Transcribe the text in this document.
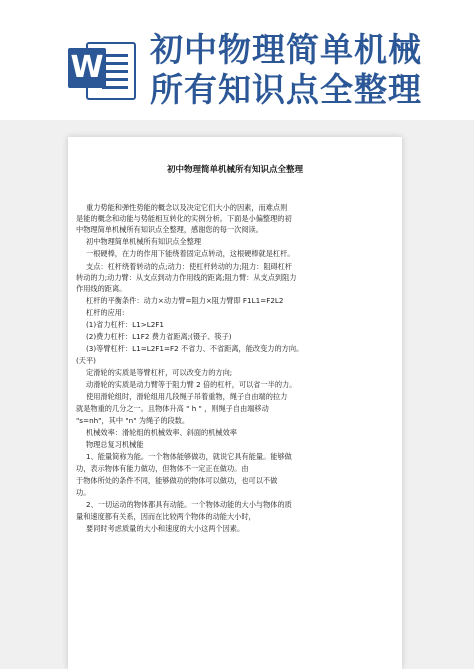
W 初中物理简单机械
所有知识点全整理
初中物理简单机械所有知识点全整理
重力势能和弹性势能的概念以及决定它们大小的因素，而难点则
是能的概念和动能与势能相互转化的实例分析。下面是小偏整理的初
中物理简单机械所有知识点全整理，感谢您的每一次阅读。
初中物理简单机械所有知识点全整理
一根硬棒，在力的作用下能绕着固定点转动，这根硬棒就是杠杆。
支点：杠杆绕着转动的点;动力：使杠杆转动的力;阻力：阻碍杠杆
转动的力;动力臂：从支点到动力作用线的距离;阻力臂：从支点到阻力
作用线的距离。
杠杆的平衡条件：动力×动力臂=阻力×阻力臂即 F1L1=F2L2
杠杆的应用:
(1)省力杠杆：L1>L2F1
(2)费力杠杆：L1F2 费力省距离;(镊子、筷子)
(3)等臂杠杆：L1=L2F1=F2 不省力、不省距离，能改变力的方向。
(天平)
定滑轮的实质是等臂杠杆，可以改变力的方向;
动滑轮的实质是动力臂等于阻力臂 2 倍的杠杆，可以省一半的力。
使用滑轮组时，滑轮组用几段绳子吊着重物，绳子自由端的拉力
就是物重的几分之一。且物体升高 " h " ，则绳子自由端移动
"s=nh"，其中 "n" 为绳子的段数。
机械效率：滑轮组的机械效率、斜面的机械效率
物理总复习机械能
1、能量简称为能。一个物体能够做功，就说它具有能量。能够做
功，表示物体有能力做功，但物体不一定正在做功。由
于物体所处的条件不同，能够做功的物体可以做功，也可以不做
功。
2、一切运动的物体都具有动能。一个物体动能的大小与物体的质
量和速度都有关系，因而在比较两个物体的动能大小时，
要同时考虑质量的大小和速度的大小这两个因素。
